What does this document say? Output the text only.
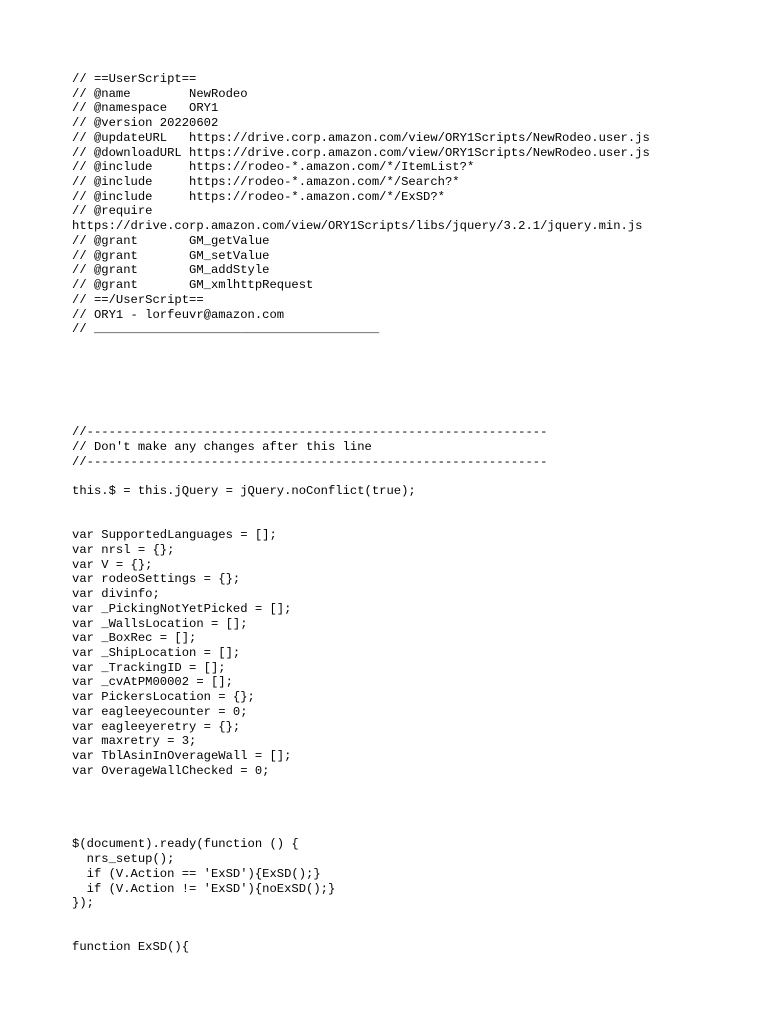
// ==UserScript==
// @name        NewRodeo
// @namespace   ORY1
// @version 20220602
// @updateURL   https://drive.corp.amazon.com/view/ORY1Scripts/NewRodeo.user.js
// @downloadURL https://drive.corp.amazon.com/view/ORY1Scripts/NewRodeo.user.js
// @include     https://rodeo-*.amazon.com/*/ItemList?*
// @include     https://rodeo-*.amazon.com/*/Search?*
// @include     https://rodeo-*.amazon.com/*/ExSD?*
// @require
https://drive.corp.amazon.com/view/ORY1Scripts/libs/jquery/3.2.1/jquery.min.js
// @grant       GM_getValue
// @grant       GM_setValue
// @grant       GM_addStyle
// @grant       GM_xmlhttpRequest
// ==/UserScript==
// ORY1 - lorfeuvr@amazon.com
// _______________________________________
//---------------------------------------------------------------
// Don't make any changes after this line
//---------------------------------------------------------------
this.$ = this.jQuery = jQuery.noConflict(true);
var SupportedLanguages = [];
var nrsl = {};
var V = {};
var rodeoSettings = {};
var divinfo;
var _PickingNotYetPicked = [];
var _WallsLocation = [];
var _BoxRec = [];
var _ShipLocation = [];
var _TrackingID = [];
var _cvAtPM00002 = [];
var PickersLocation = {};
var eagleeyecounter = 0;
var eagleeyeretry = {};
var maxretry = 3;
var TblAsinInOverageWall = [];
var OverageWallChecked = 0;
$(document).ready(function () {
nrs_setup();
if (V.Action == 'ExSD'){ExSD();}
if (V.Action != 'ExSD'){noExSD();}
});
function ExSD(){
